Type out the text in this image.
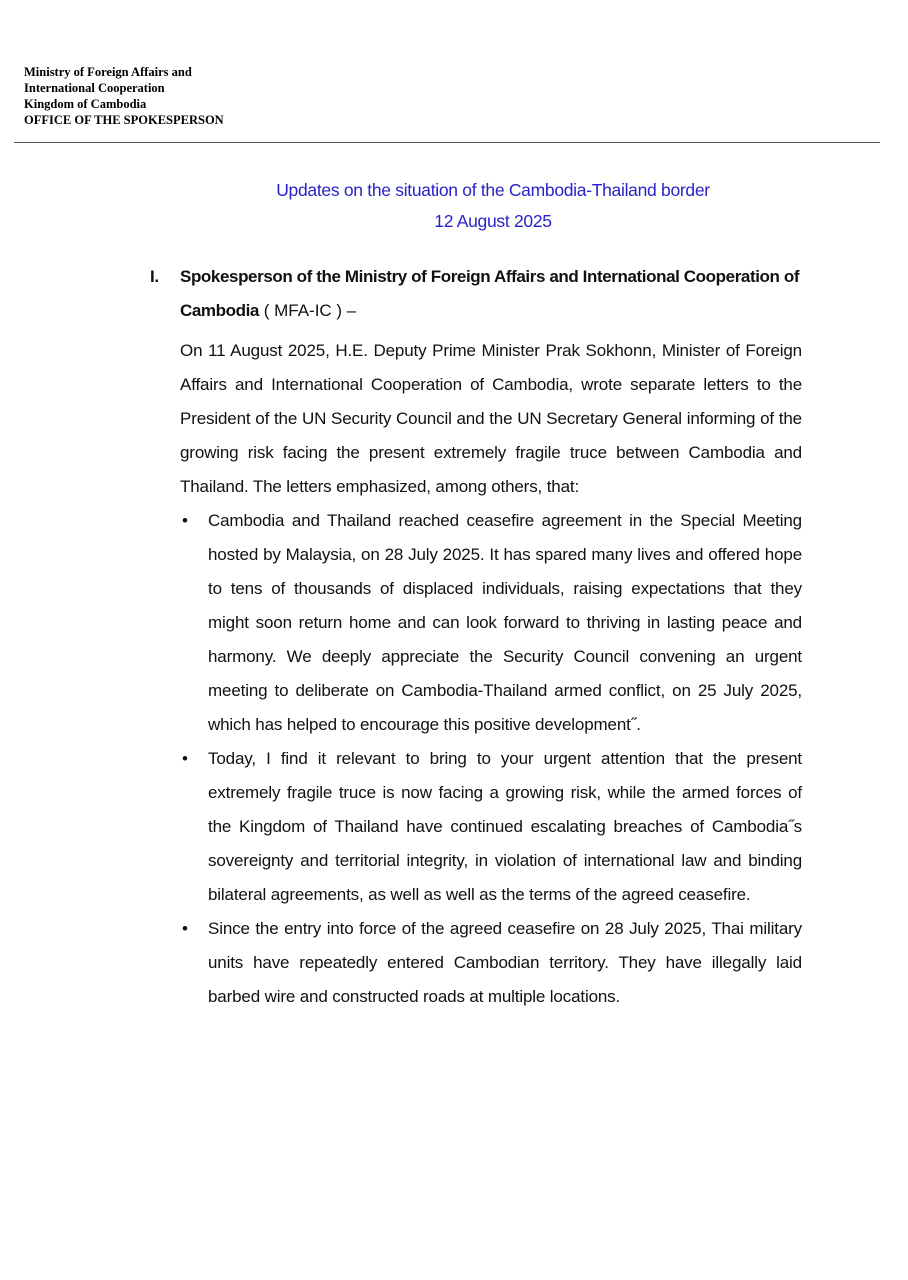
Ministry of Foreign Affairs and
International Cooperation
Kingdom of Cambodia
OFFICE OF THE SPOKESPERSON
Updates on the situation of the Cambodia-Thailand border
12 August 2025
I. Spokesperson of the Ministry of Foreign Affairs and International Cooperation of Cambodia ( MFA-IC ) –
On 11 August 2025, H.E. Deputy Prime Minister Prak Sokhonn, Minister of Foreign Affairs and International Cooperation of Cambodia, wrote separate letters to the President of the UN Security Council and the UN Secretary General informing of the growing risk facing the present extremely fragile truce between Cambodia and Thailand. The letters emphasized, among others, that:
• Cambodia and Thailand reached ceasefire agreement in the Special Meeting hosted by Malaysia, on 28 July 2025. It has spared many lives and offered hope to tens of thousands of displaced individuals, raising expectations that they might soon return home and can look forward to thriving in lasting peace and harmony. We deeply appreciate the Security Council convening an urgent meeting to deliberate on Cambodia-Thailand armed conflict, on 25 July 2025, which has helped to encourage this positive development˝.
• Today, I find it relevant to bring to your urgent attention that the present extremely fragile truce is now facing a growing risk, while the armed forces of the Kingdom of Thailand have continued escalating breaches of Cambodia˝s sovereignty and territorial integrity, in violation of international law and binding bilateral agreements, as well as well as the terms of the agreed ceasefire.
• Since the entry into force of the agreed ceasefire on 28 July 2025, Thai military units have repeatedly entered Cambodian territory. They have illegally laid barbed wire and constructed roads at multiple locations.
